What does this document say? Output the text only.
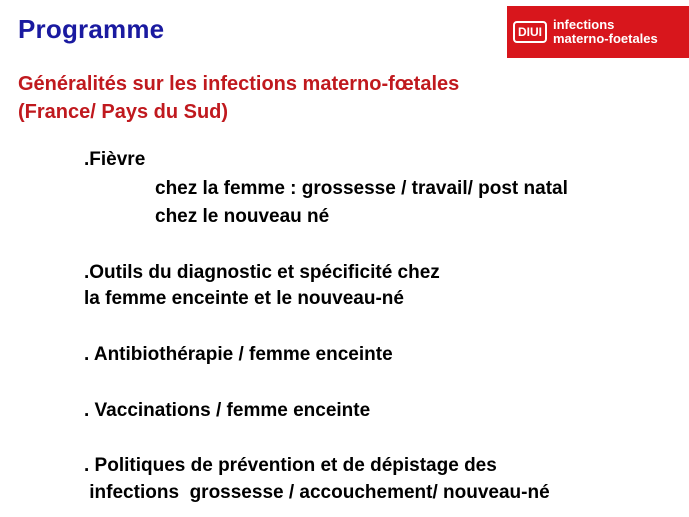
Programme	DIUI infections
materno-foetales
Généralités sur les infections materno-fœtales
(France/ Pays du Sud)
.Fièvre
chez la femme : grossesse / travail/ post natal
chez le nouveau né
.Outils du diagnostic et spécificité chez
la femme enceinte et le nouveau-né
. Antibiothérapie / femme enceinte
. Vaccinations / femme enceinte
. Politiques de prévention et de dépistage des
infections  grossesse / accouchement/ nouveau-né
